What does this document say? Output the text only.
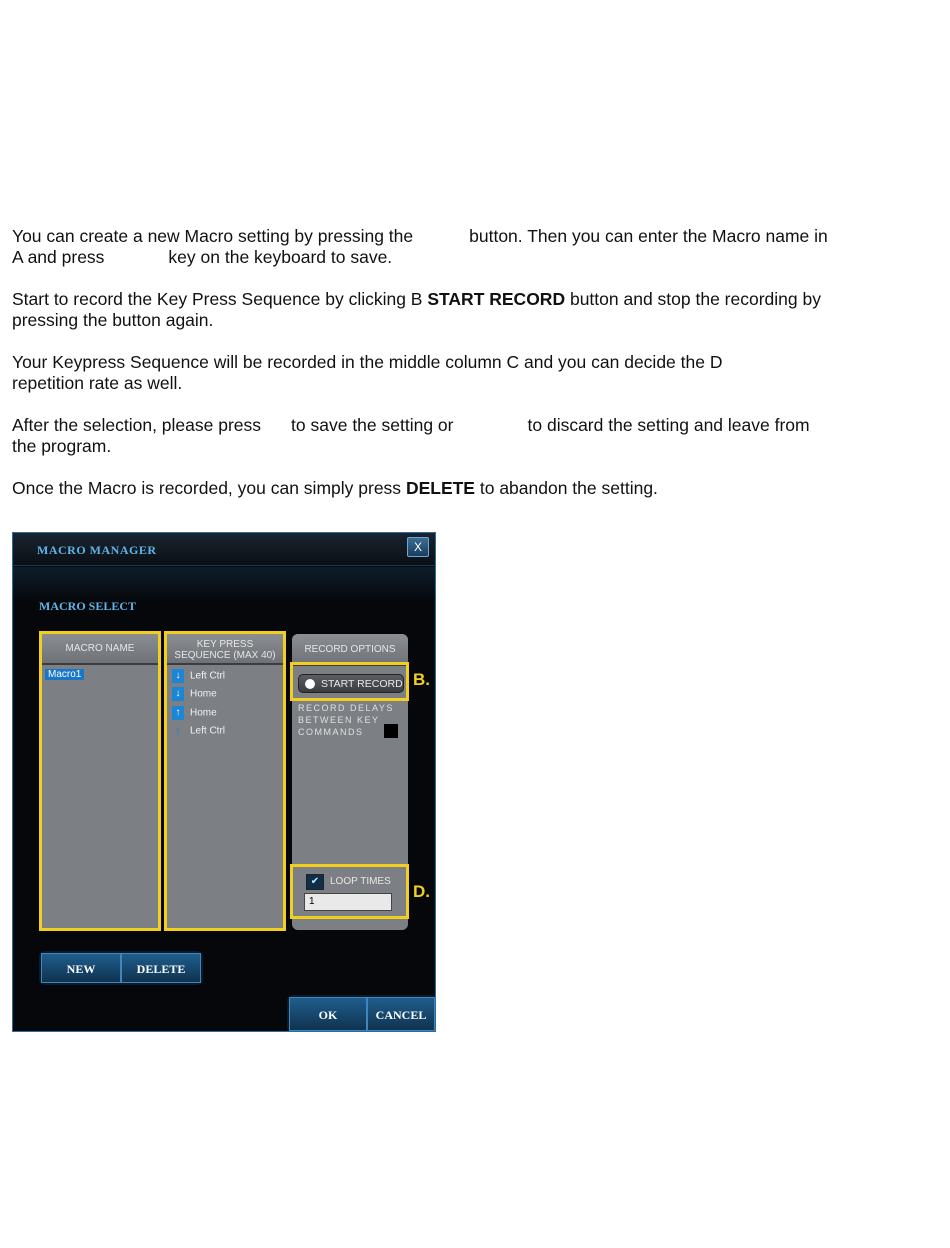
You can create a new Macro setting by pressing the	button. Then you can enter the Macro name in
A and press	key on the keyboard to save.

Start to record the Key Press Sequence by clicking B START RECORD button and stop the recording by
pressing the button again.

Your Keypress Sequence will be recorded in the middle column C and you can decide the D
repetition rate as well.

After the selection, please press to save the setting or	to discard the setting and leave from
the program.

Once the Macro is recorded, you can simply press DELETE to abandon the setting.

MACRO MANAGER	X
MACRO SELECT
MACRO NAME
Macro1
KEY PRESS
SEQUENCE (MAX 40)
↓ Left Ctrl
↓ Home
↑ Home
↑ Left Ctrl
RECORD OPTIONS
START RECORD
RECORD DELAYS
BETWEEN KEY
COMMANDS
✔	LOOP TIMES
1
B.
D.
NEW	DELETE
OK	CANCEL
